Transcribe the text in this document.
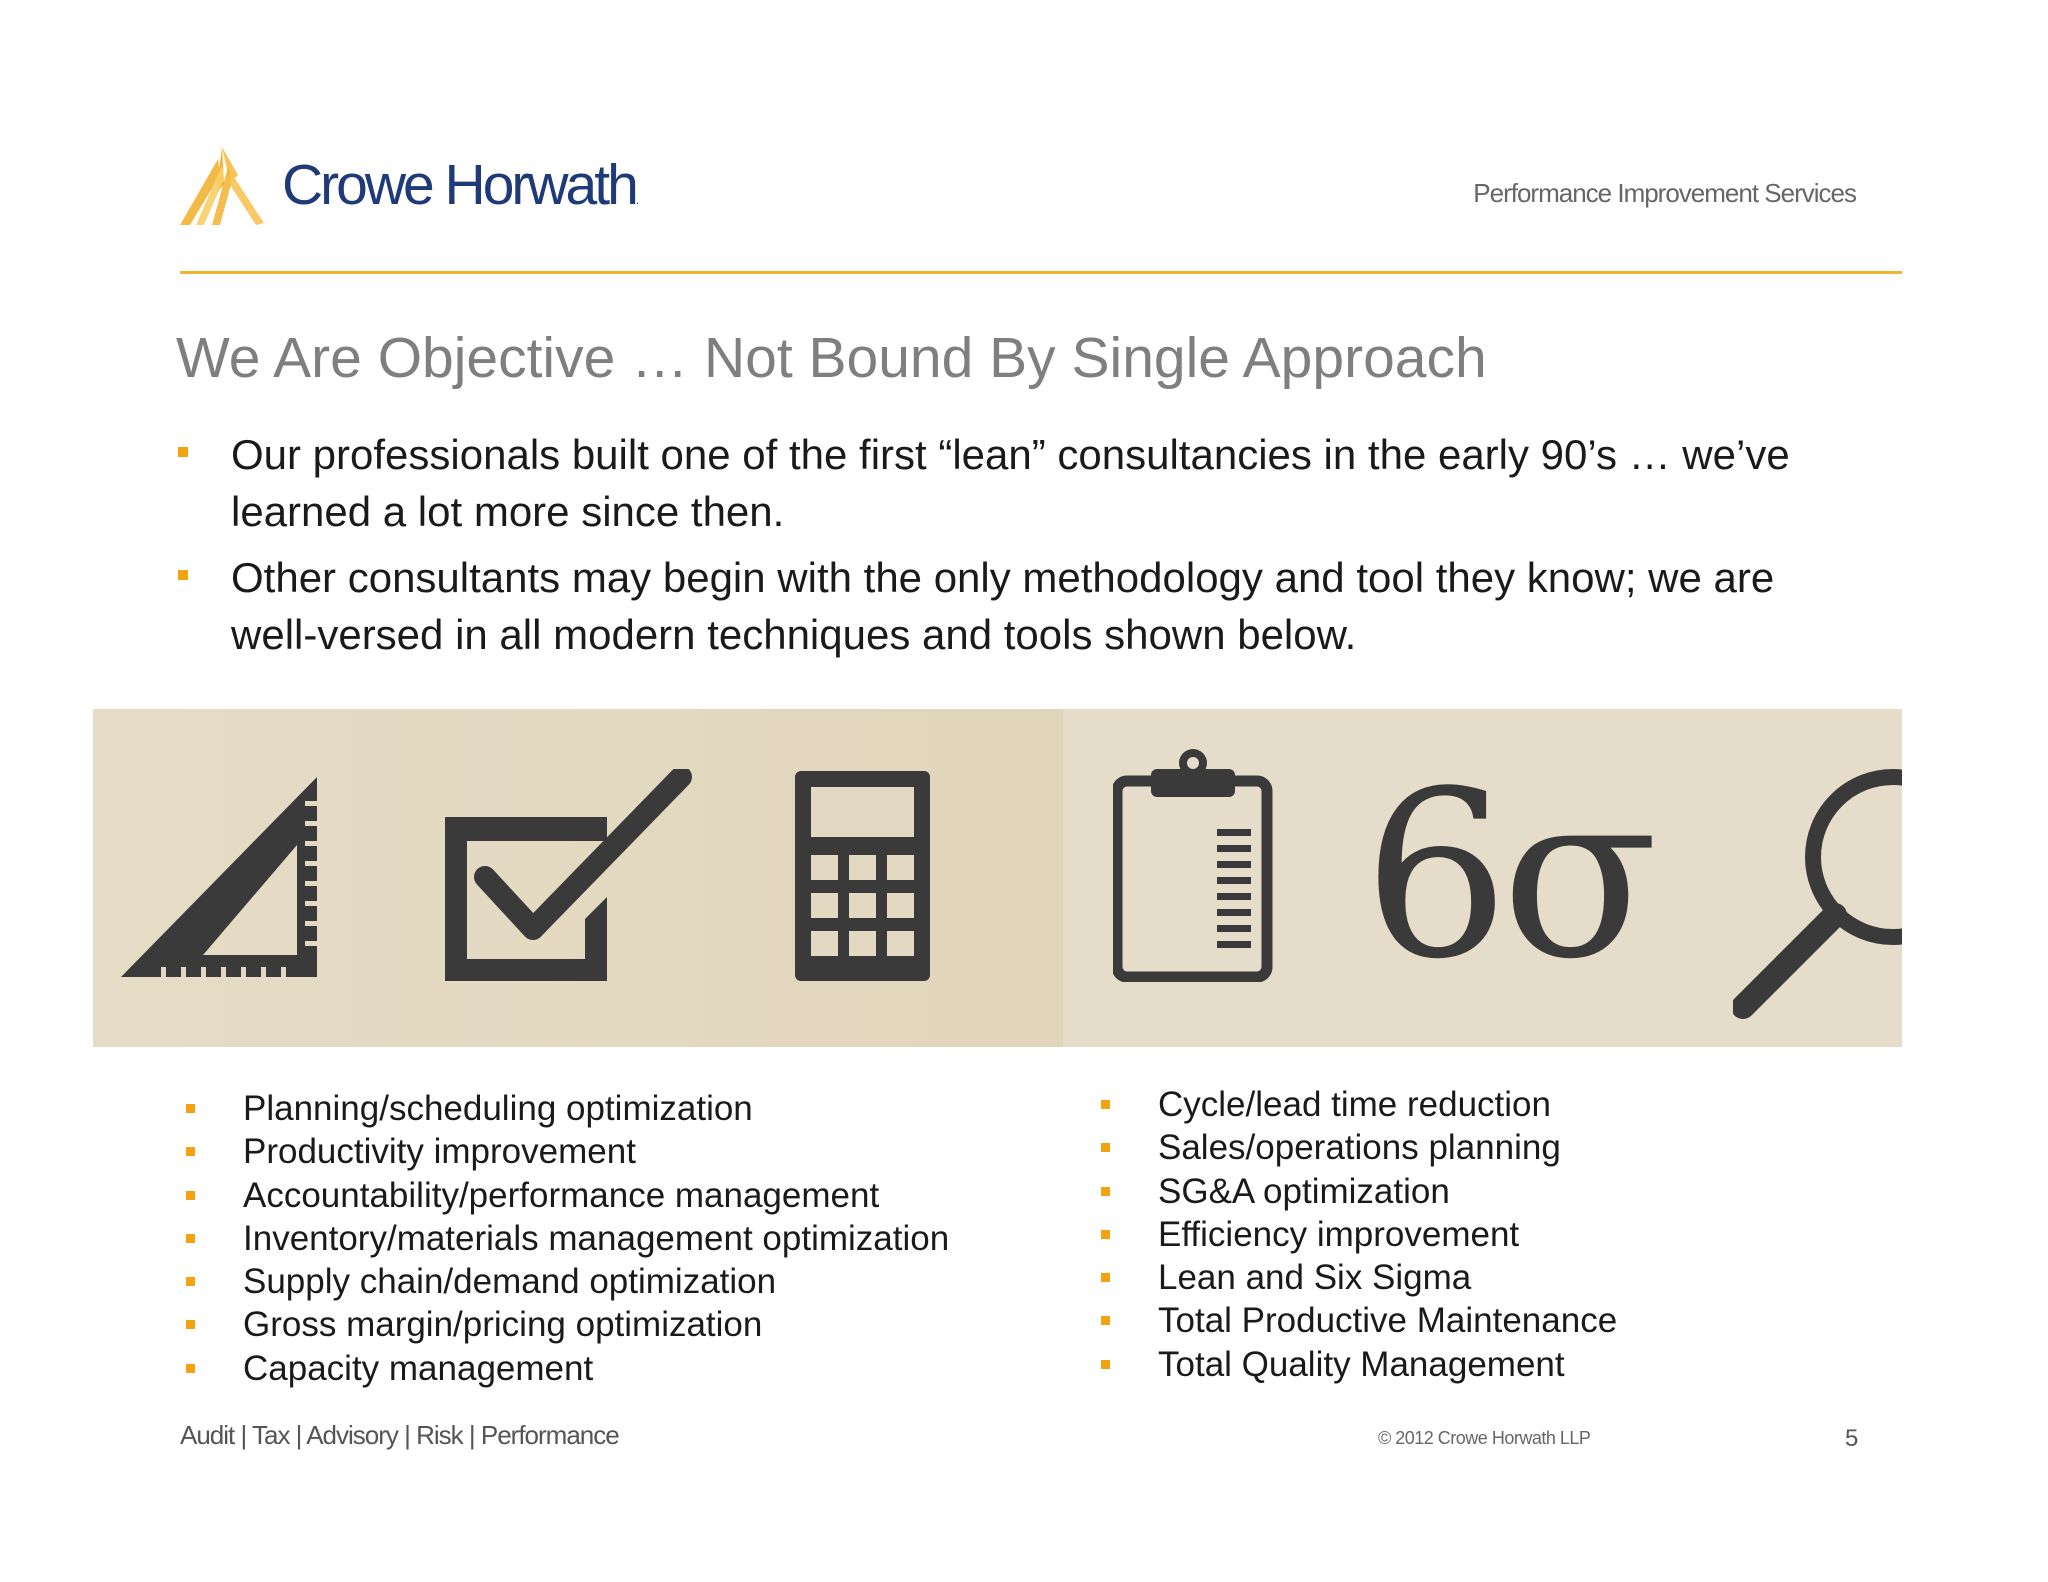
Crowe Horwath.	Performance Improvement Services
We Are Objective … Not Bound By Single Approach
Our professionals built one of the first “lean” consultancies in the early 90’s … we’ve learned a lot more since then.
Other consultants may begin with the only methodology and tool they know; we are well-versed in all modern techniques and tools shown below.
6σ
Planning/scheduling optimization
Productivity improvement
Accountability/performance management
Inventory/materials management optimization
Supply chain/demand optimization
Gross margin/pricing optimization
Capacity management
Cycle/lead time reduction
Sales/operations planning
SG&A optimization
Efficiency improvement
Lean and Six Sigma
Total Productive Maintenance
Total Quality Management
Audit | Tax | Advisory | Risk | Performance	© 2012 Crowe Horwath LLP	5
